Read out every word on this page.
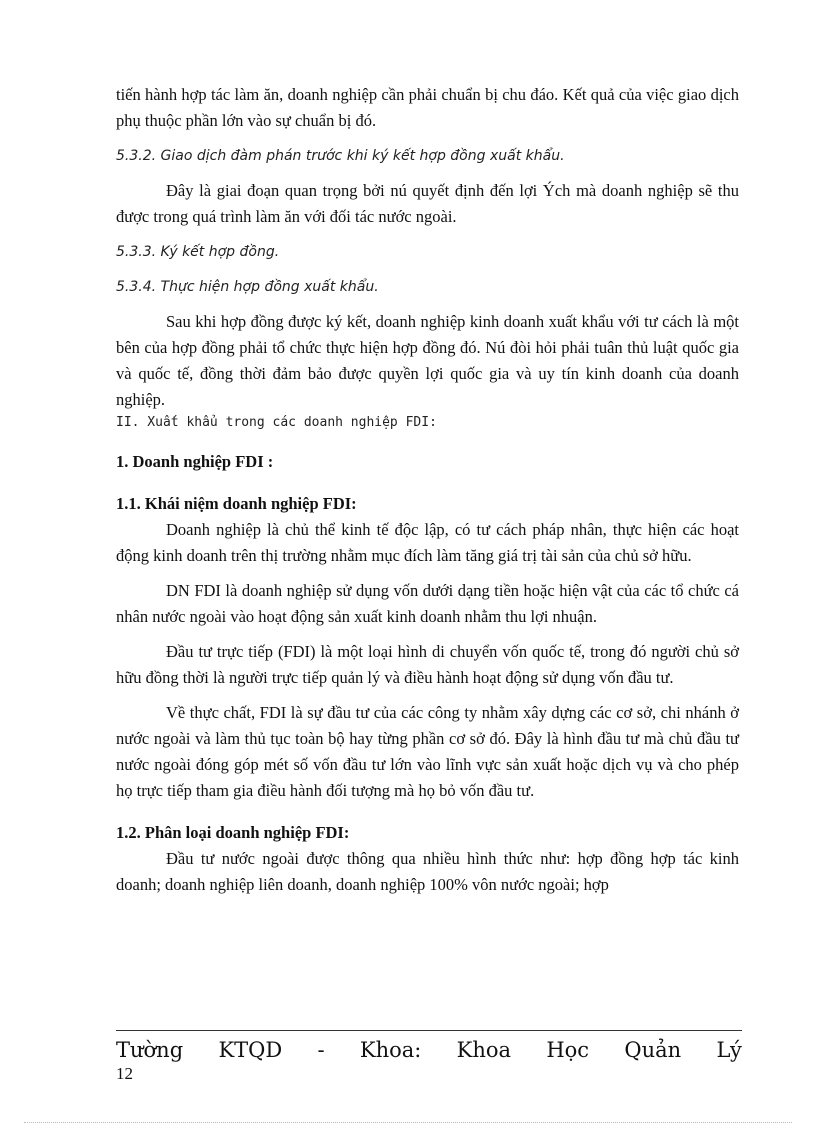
tiến hành hợp tác làm ăn, doanh nghiệp cần phải chuẩn bị chu đáo. Kết quả của việc giao dịch phụ thuộc phần lớn vào sự chuẩn bị đó.

5.3.2. Giao dịch đàm phán trước khi ký kết hợp đồng xuất khẩu.

Đây là giai đoạn quan trọng bởi nú quyết định đến lợi Ých mà doanh nghiệp sẽ thu được trong quá trình làm ăn với đối tác nước ngoài.

5.3.3. Ký kết hợp đồng.

5.3.4. Thực hiện hợp đồng xuất khẩu.

Sau khi hợp đồng được ký kết, doanh nghiệp kinh doanh xuất khẩu với tư cách là một bên của hợp đồng phải tổ chức thực hiện hợp đồng đó. Nú đòi hỏi phải tuân thủ luật quốc gia và quốc tế, đồng thời đảm bảo được quyền lợi quốc gia và uy tín kinh doanh của doanh nghiệp.

II. Xuất khẩu trong các doanh nghiệp FDI:

1. Doanh nghiệp FDI :

1.1. Khái niệm doanh nghiệp FDI:

Doanh nghiệp là chủ thể kinh tế độc lập, có tư cách pháp nhân, thực hiện các hoạt động kinh doanh trên thị trường nhằm mục đích làm tăng giá trị tài sản của chủ sở hữu.

DN FDI là doanh nghiệp sử dụng vốn dưới dạng tiền hoặc hiện vật của các tổ chức cá nhân nước ngoài vào hoạt động sản xuất kinh doanh nhằm thu lợi nhuận.

Đầu tư trực tiếp (FDI) là một loại hình di chuyển vốn quốc tế, trong đó người chủ sở hữu đồng thời là người trực tiếp quản lý và điều hành hoạt động sử dụng vốn đầu tư.

Về thực chất, FDI là sự đầu tư của các công ty nhằm xây dựng các cơ sở, chi nhánh ở nước ngoài và làm thủ tục toàn bộ hay từng phần cơ sở đó. Đây là hình đầu tư mà chủ đầu tư nước ngoài đóng góp mét số vốn đầu tư lớn vào lĩnh vực sản xuất hoặc dịch vụ và cho phép họ trực tiếp tham gia điều hành đối tượng mà họ bỏ vốn đầu tư.

1.2. Phân loại doanh nghiệp FDI:

Đầu tư nước ngoài được thông qua nhiều hình thức như: hợp đồng hợp tác kinh doanh; doanh nghiệp liên doanh, doanh nghiệp 100% vôn nước ngoài; hợp

Tường KTQD - Khoa: Khoa Học Quản Lý
12
